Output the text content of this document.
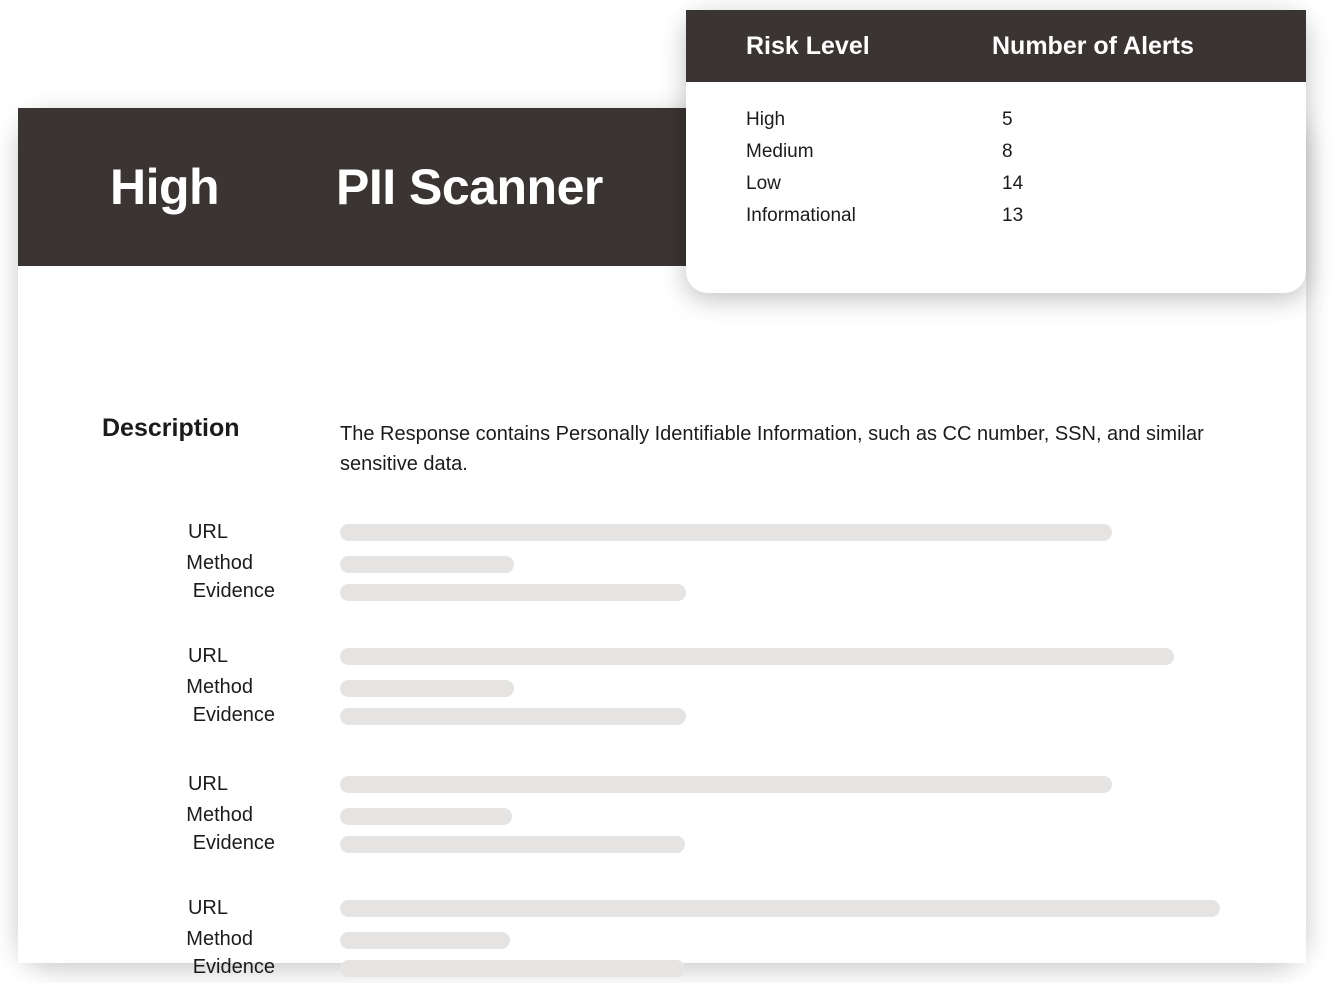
High	PII Scanner
Description	The Response contains Personally Identifiable Information, such as CC number, SSN, and similar sensitive data.
URL
Method
Evidence
URL
Method
Evidence
URL
Method
Evidence
URL
Method
Evidence
Risk Level	Number of Alerts
High	5
Medium	8
Low	14
Informational	13
